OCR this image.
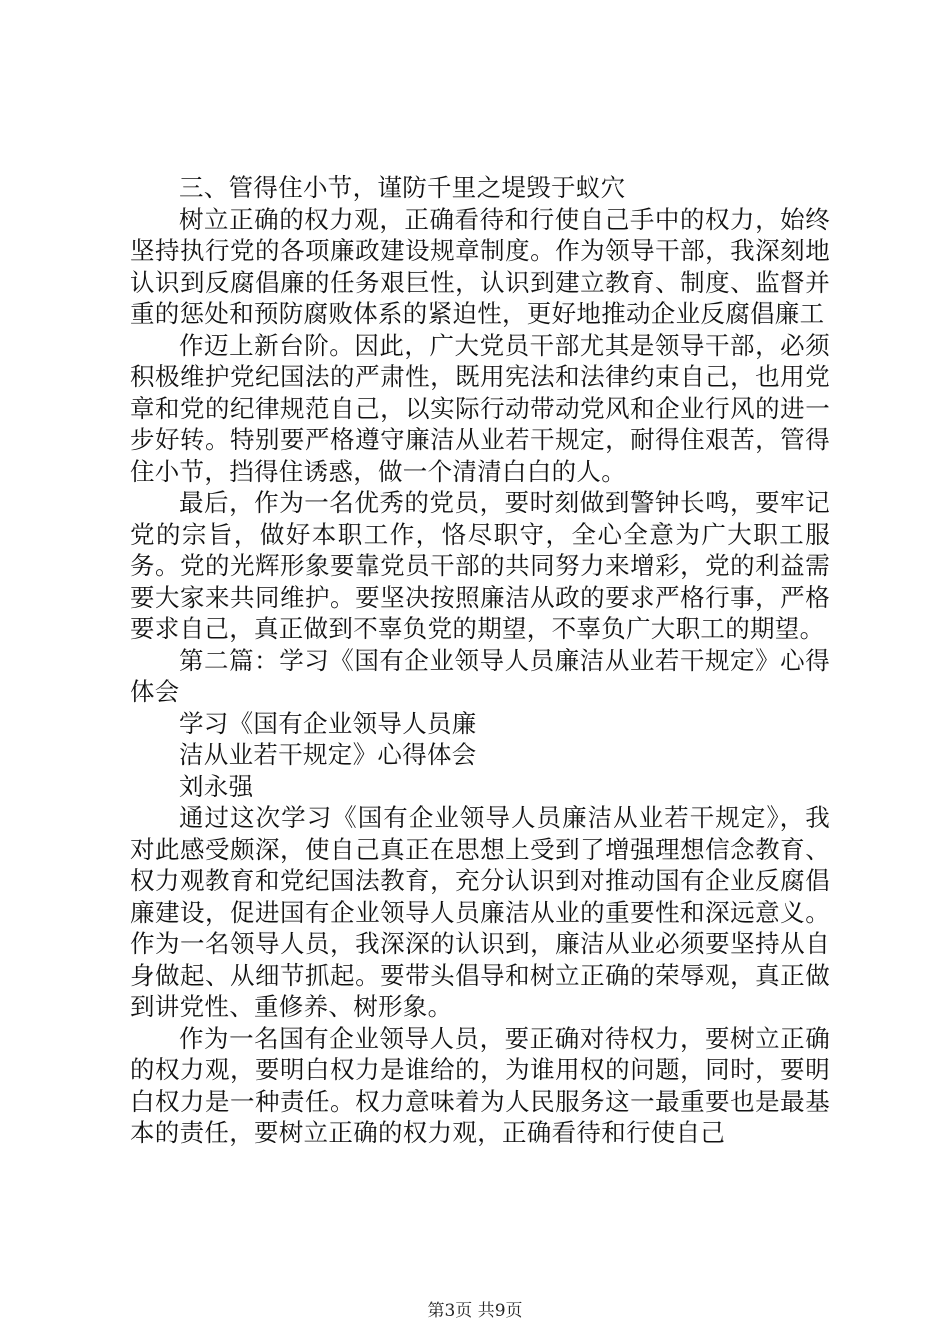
三、管得住小节，谨防千里之堤毁于蚁穴

树立正确的权力观，正确看待和行使自己手中的权力，始终坚持执行党的各项廉政建设规章制度。作为领导干部，我深刻地认识到反腐倡廉的任务艰巨性，认识到建立教育、制度、监督并重的惩处和预防腐败体系的紧迫性，更好地推动企业反腐倡廉工

作迈上新台阶。因此，广大党员干部尤其是领导干部，必须积极维护党纪国法的严肃性，既用宪法和法律约束自己，也用党章和党的纪律规范自己，以实际行动带动党风和企业行风的进一步好转。特别要严格遵守廉洁从业若干规定，耐得住艰苦，管得住小节，挡得住诱惑，做一个清清白白的人。

最后，作为一名优秀的党员，要时刻做到警钟长鸣，要牢记党的宗旨，做好本职工作，恪尽职守，全心全意为广大职工服务。党的光辉形象要靠党员干部的共同努力来增彩，党的利益需要大家来共同维护。要坚决按照廉洁从政的要求严格行事，严格要求自己，真正做到不辜负党的期望，不辜负广大职工的期望。

第二篇：学习《国有企业领导人员廉洁从业若干规定》心得体会

学习《国有企业领导人员廉

洁从业若干规定》心得体会

刘永强

通过这次学习《国有企业领导人员廉洁从业若干规定》，我对此感受颇深，使自己真正在思想上受到了增强理想信念教育、权力观教育和党纪国法教育，充分认识到对推动国有企业反腐倡廉建设，促进国有企业领导人员廉洁从业的重要性和深远意义。作为一名领导人员，我深深的认识到，廉洁从业必须要坚持从自身做起、从细节抓起。要带头倡导和树立正确的荣辱观，真正做到讲党性、重修养、树形象。

作为一名国有企业领导人员，要正确对待权力，要树立正确的权力观，要明白权力是谁给的，为谁用权的问题，同时，要明白权力是一种责任。权力意味着为人民服务这一最重要也是最基本的责任，要树立正确的权力观，正确看待和行使自己

第3页 共9页
